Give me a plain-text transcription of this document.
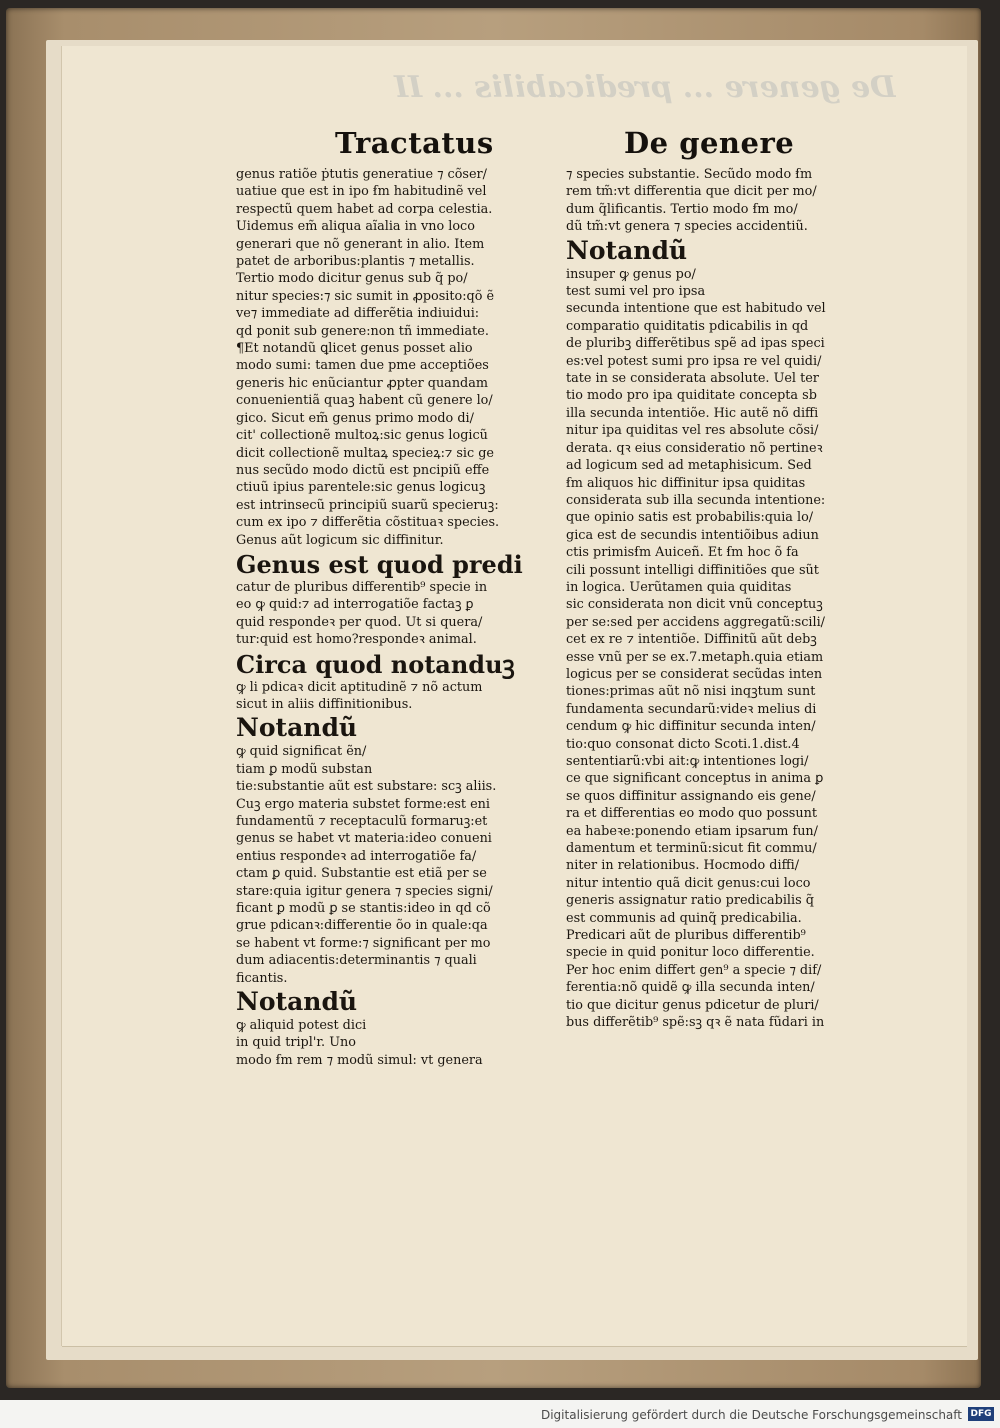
De genere ... predicabilis ... II
Tractatus	De genere

genus ratiõe ṗtutis generatiue ⁊ cõser/

uatiue que est in ipo ẜm habitudinẽ vel

respectũ quem habet ad corpa celestia.

Uidemus em̃ aliqua aĩalia in vno loco

generari que nõ generant in alio. Item

patet de arboribus:plantis ⁊ metallis.

Tertio modo dicitur genus sub q̃ po/

nitur species:⁊ sic sumit in ꝓposito:qõ ẽ

ve⁊ immediate ad differẽtia indiuidui:

qd ponit sub genere:non tñ immediate.

¶Et notandũ ꝗlicet genus posset alio

modo sumi: tamen due pme acceptiões

generis hic enũciantur ꝓpter quandam

conuenientiã quaꝫ habent cũ genere lo/

gico. Sicut em̃ genus primo modo di/

cit' collectionẽ multoꝝ:sic genus logicũ

dicit collectionẽ multaꝝ specieꝝ:⁊ sic ge

nus secũdo modo dictũ est pncipiũ effe

ctiuũ ipius parentele:sic genus logicuꝫ

est intrinsecũ principiũ suarũ specieruꝫ:

cum ex ipo ⁊ differẽtia cõstituaꝛ species.

Genus aũt logicum sic diffinitur.

Genus est quod predi

catur de pluribus differentib⁹ specie in

eo ꝙ quid:⁊ ad interrogatiõe factaꝫ ꝑ

quid respondeꝛ per quod. Ut si quera/

tur:quid est homo?respondeꝛ animal.

Circa quod notanduꝫ

ꝙ li pdicaꝛ dicit aptitudinẽ ⁊ nõ actum

sicut in aliis diffinitionibus.

Notandũ

ꝙ quid significat ẽn/

tiam ꝑ modũ substan

tie:substantie aũt est substare: scꝫ aliis.

Cuꝫ ergo materia substet forme:est eni

fundamentũ ⁊ receptaculũ formaruꝫ:et

genus se habet vt materia:ideo conueni

entius respondeꝛ ad interrogatiõe fa/

ctam ꝑ quid. Substantie est etiã per se

stare:quia igitur genera ⁊ species signi/

ficant ꝑ modũ ꝑ se stantis:ideo in qd cõ

grue pdicanꝛ:differentie õo in quale:qa

se habent vt forme:⁊ significant per mo

dum adiacentis:determinantis ⁊ quali

ficantis.

Notandũ

ꝙ aliquid potest dici

in quid tripl'r. Uno

modo ẜm rem ⁊ modũ simul: vt genera

⁊ species substantie. Secũdo modo ẜm

rem tm̃:vt differentia que dicit per mo/

dum q̃lificantis. Tertio modo ẜm mo/

dũ tm̃:vt genera ⁊ species accidentiũ.

Notandũ

insuper ꝙ genus po/

test sumi vel pro ipsa

secunda intentione que est habitudo vel

comparatio quiditatis pdicabilis in qd

de pluribꝫ differẽtibus spẽ ad ipas speci

es:vel potest sumi pro ipsa re vel quidi/

tate in se considerata absolute. Uel ter

tio modo pro ipa quiditate concepta sb

illa secunda intentiõe. Hic autẽ nõ diffi

nitur ipa quiditas vel res absolute cõsi/

derata. qꝛ eius consideratio nõ pertineꝛ

ad logicum sed ad metaphisicum. Sed

ẜm aliquos hic diffinitur ipsa quiditas

considerata sub illa secunda intentione:

que opinio satis est probabilis:quia lo/

gica est de secundis intentiõibus adiun

ctis primisẜm Auiceñ. Et ẜm hoc õ fa

cili possunt intelligi diffinitiões que sũt

in logica. Uerũtamen quia quiditas

sic considerata non dicit vnũ conceptuꝫ

per se:sed per accidens aggregatũ:scili/

cet ex re ⁊ intentiõe. Diffinitũ aũt debꝫ

esse vnũ per se ex.7.metaph.quia etiam

logicus per se considerat secũdas inten

tiones:primas aũt nõ nisi inqꝫtum sunt

fundamenta secundarũ:videꝛ melius di

cendum ꝙ hic diffinitur secunda inten/

tio:quo consonat dicto Scoti.1.dist.4

sententiarũ:vbi ait:ꝙ intentiones logi/

ce que significant conceptus in anima ꝑ

se quos diffinitur assignando eis gene/

ra et differentias eo modo quo possunt

ea habeꝛe:ponendo etiam ipsarum fun/

damentum et terminũ:sicut fit commu/

niter in relationibus. Hocmodo diffi/

nitur intentio quã dicit genus:cui loco

generis assignatur ratio predicabilis q̃

est communis ad quinq̃ predicabilia.

Predicari aũt de pluribus differentib⁹

specie in quid ponitur loco differentie.

Per hoc enim differt gen⁹ a specie ⁊ dif/

ferentia:nõ quidẽ ꝙ illa secunda inten/

tio que dicitur genus pdicetur de pluri/

bus differẽtib⁹ spẽ:sꝫ qꝛ ẽ nata fũdari in

Digitalisierung gefördert durch die Deutsche Forschungsgemeinschaft DFG
